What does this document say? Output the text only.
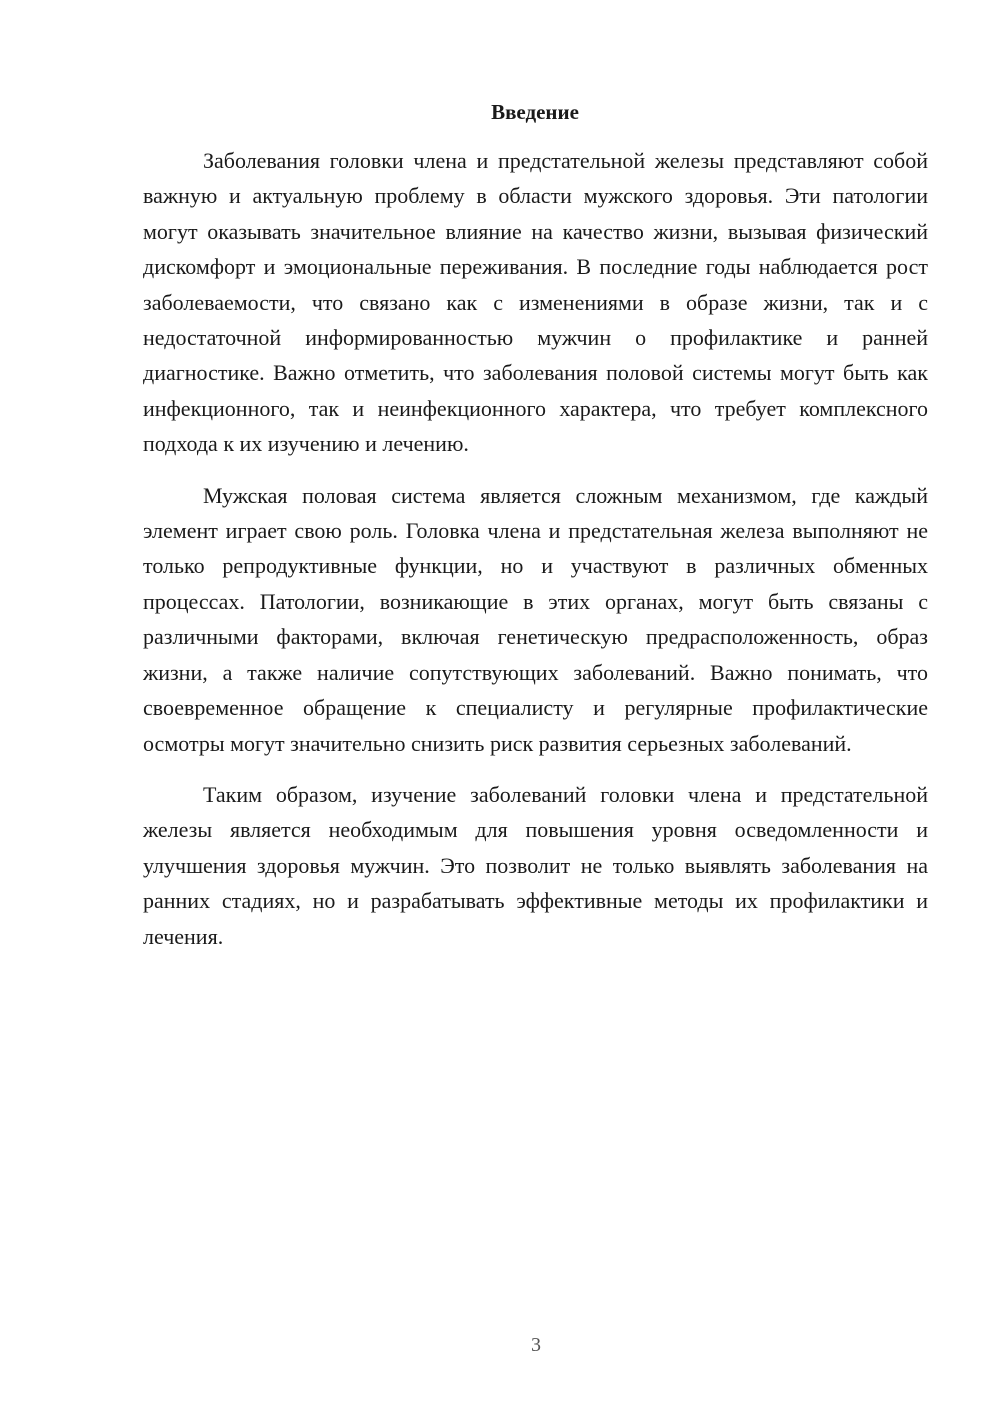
Введение

Заболевания головки члена и предстательной железы представляют собой важную и актуальную проблему в области мужского здоровья. Эти патологии могут оказывать значительное влияние на качество жизни, вызывая физический дискомфорт и эмоциональные переживания. В последние годы наблюдается рост заболеваемости, что связано как с изменениями в образе жизни, так и с недостаточной информированностью мужчин о профилактике и ранней диагностике. Важно отметить, что заболевания половой системы могут быть как инфекционного, так и неинфекционного характера, что требует комплексного подхода к их изучению и лечению.

Мужская половая система является сложным механизмом, где каждый элемент играет свою роль. Головка члена и предстательная железа выполняют не только репродуктивные функции, но и участвуют в различных обменных процессах. Патологии, возникающие в этих органах, могут быть связаны с различными факторами, включая генетическую предрасположенность, образ жизни, а также наличие сопутствующих заболеваний. Важно понимать, что своевременное обращение к специалисту и регулярные профилактические осмотры могут значительно снизить риск развития серьезных заболеваний.

Таким образом, изучение заболеваний головки члена и предстательной железы является необходимым для повышения уровня осведомленности и улучшения здоровья мужчин. Это позволит не только выявлять заболевания на ранних стадиях, но и разрабатывать эффективные методы их профилактики и лечения.

3
